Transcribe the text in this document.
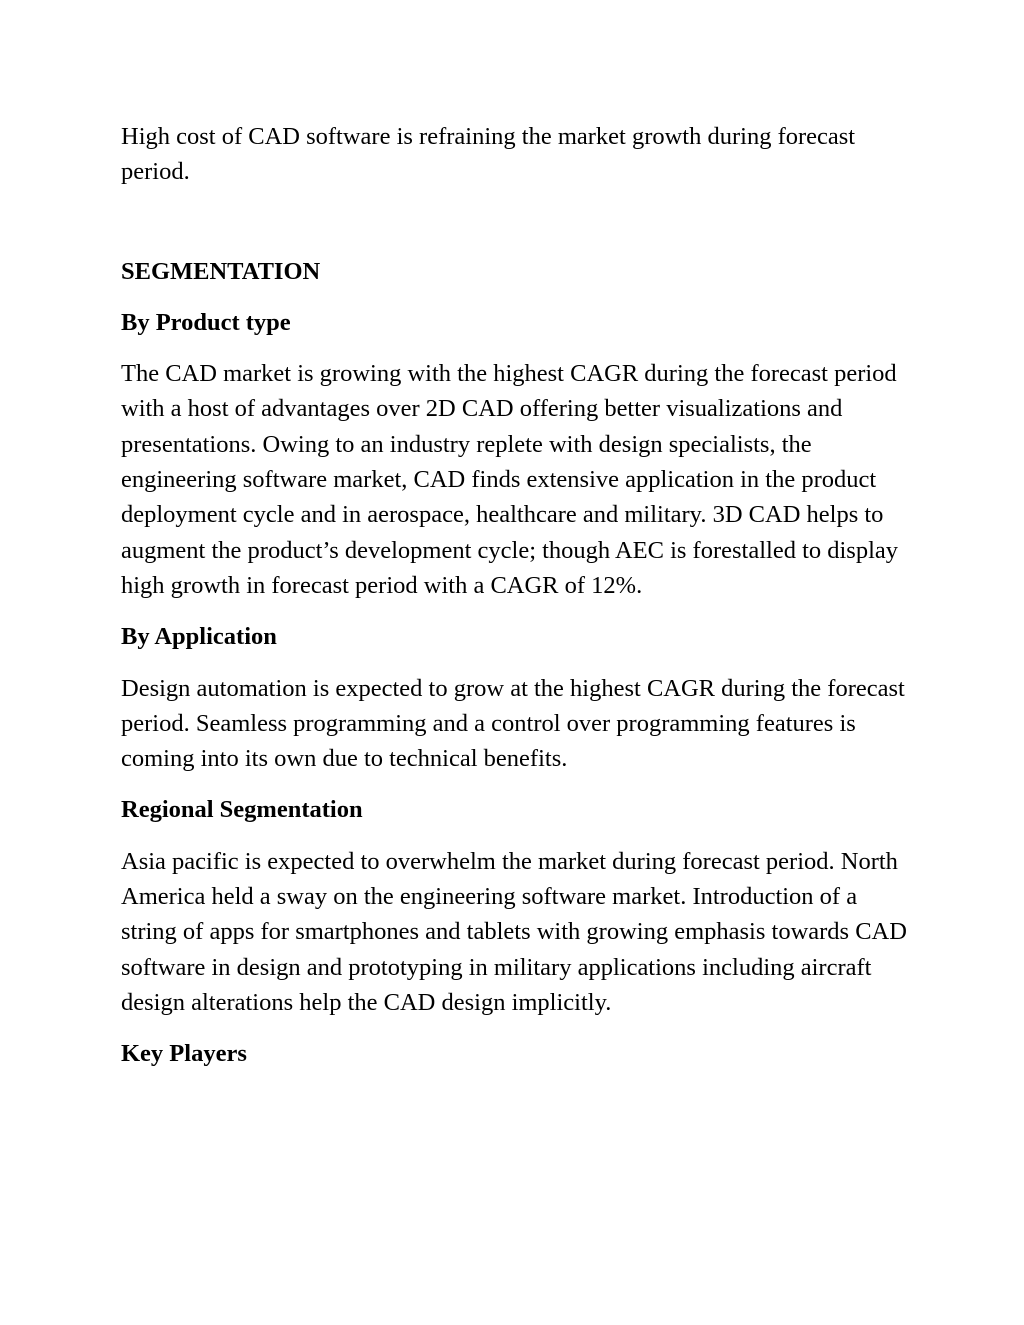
High cost of CAD software is refraining the market growth during forecast period.

SEGMENTATION

By Product type

The CAD market is growing with the highest CAGR during the forecast period with a host of advantages over 2D CAD offering better visualizations and presentations. Owing to an industry replete with design specialists, the engineering software market, CAD finds extensive application in the product deployment cycle and in aerospace, healthcare and military. 3D CAD helps to augment the product’s development cycle; though AEC is forestalled to display high growth in forecast period with a CAGR of 12%.

By Application

Design automation is expected to grow at the highest CAGR during the forecast period. Seamless programming and a control over programming features is coming into its own due to technical benefits.

Regional Segmentation

Asia pacific is expected to overwhelm the market during forecast period. North America held a sway on the engineering software market. Introduction of a string of apps for smartphones and tablets with growing emphasis towards CAD software in design and prototyping in military applications including aircraft design alterations help the CAD design implicitly.

Key Players
